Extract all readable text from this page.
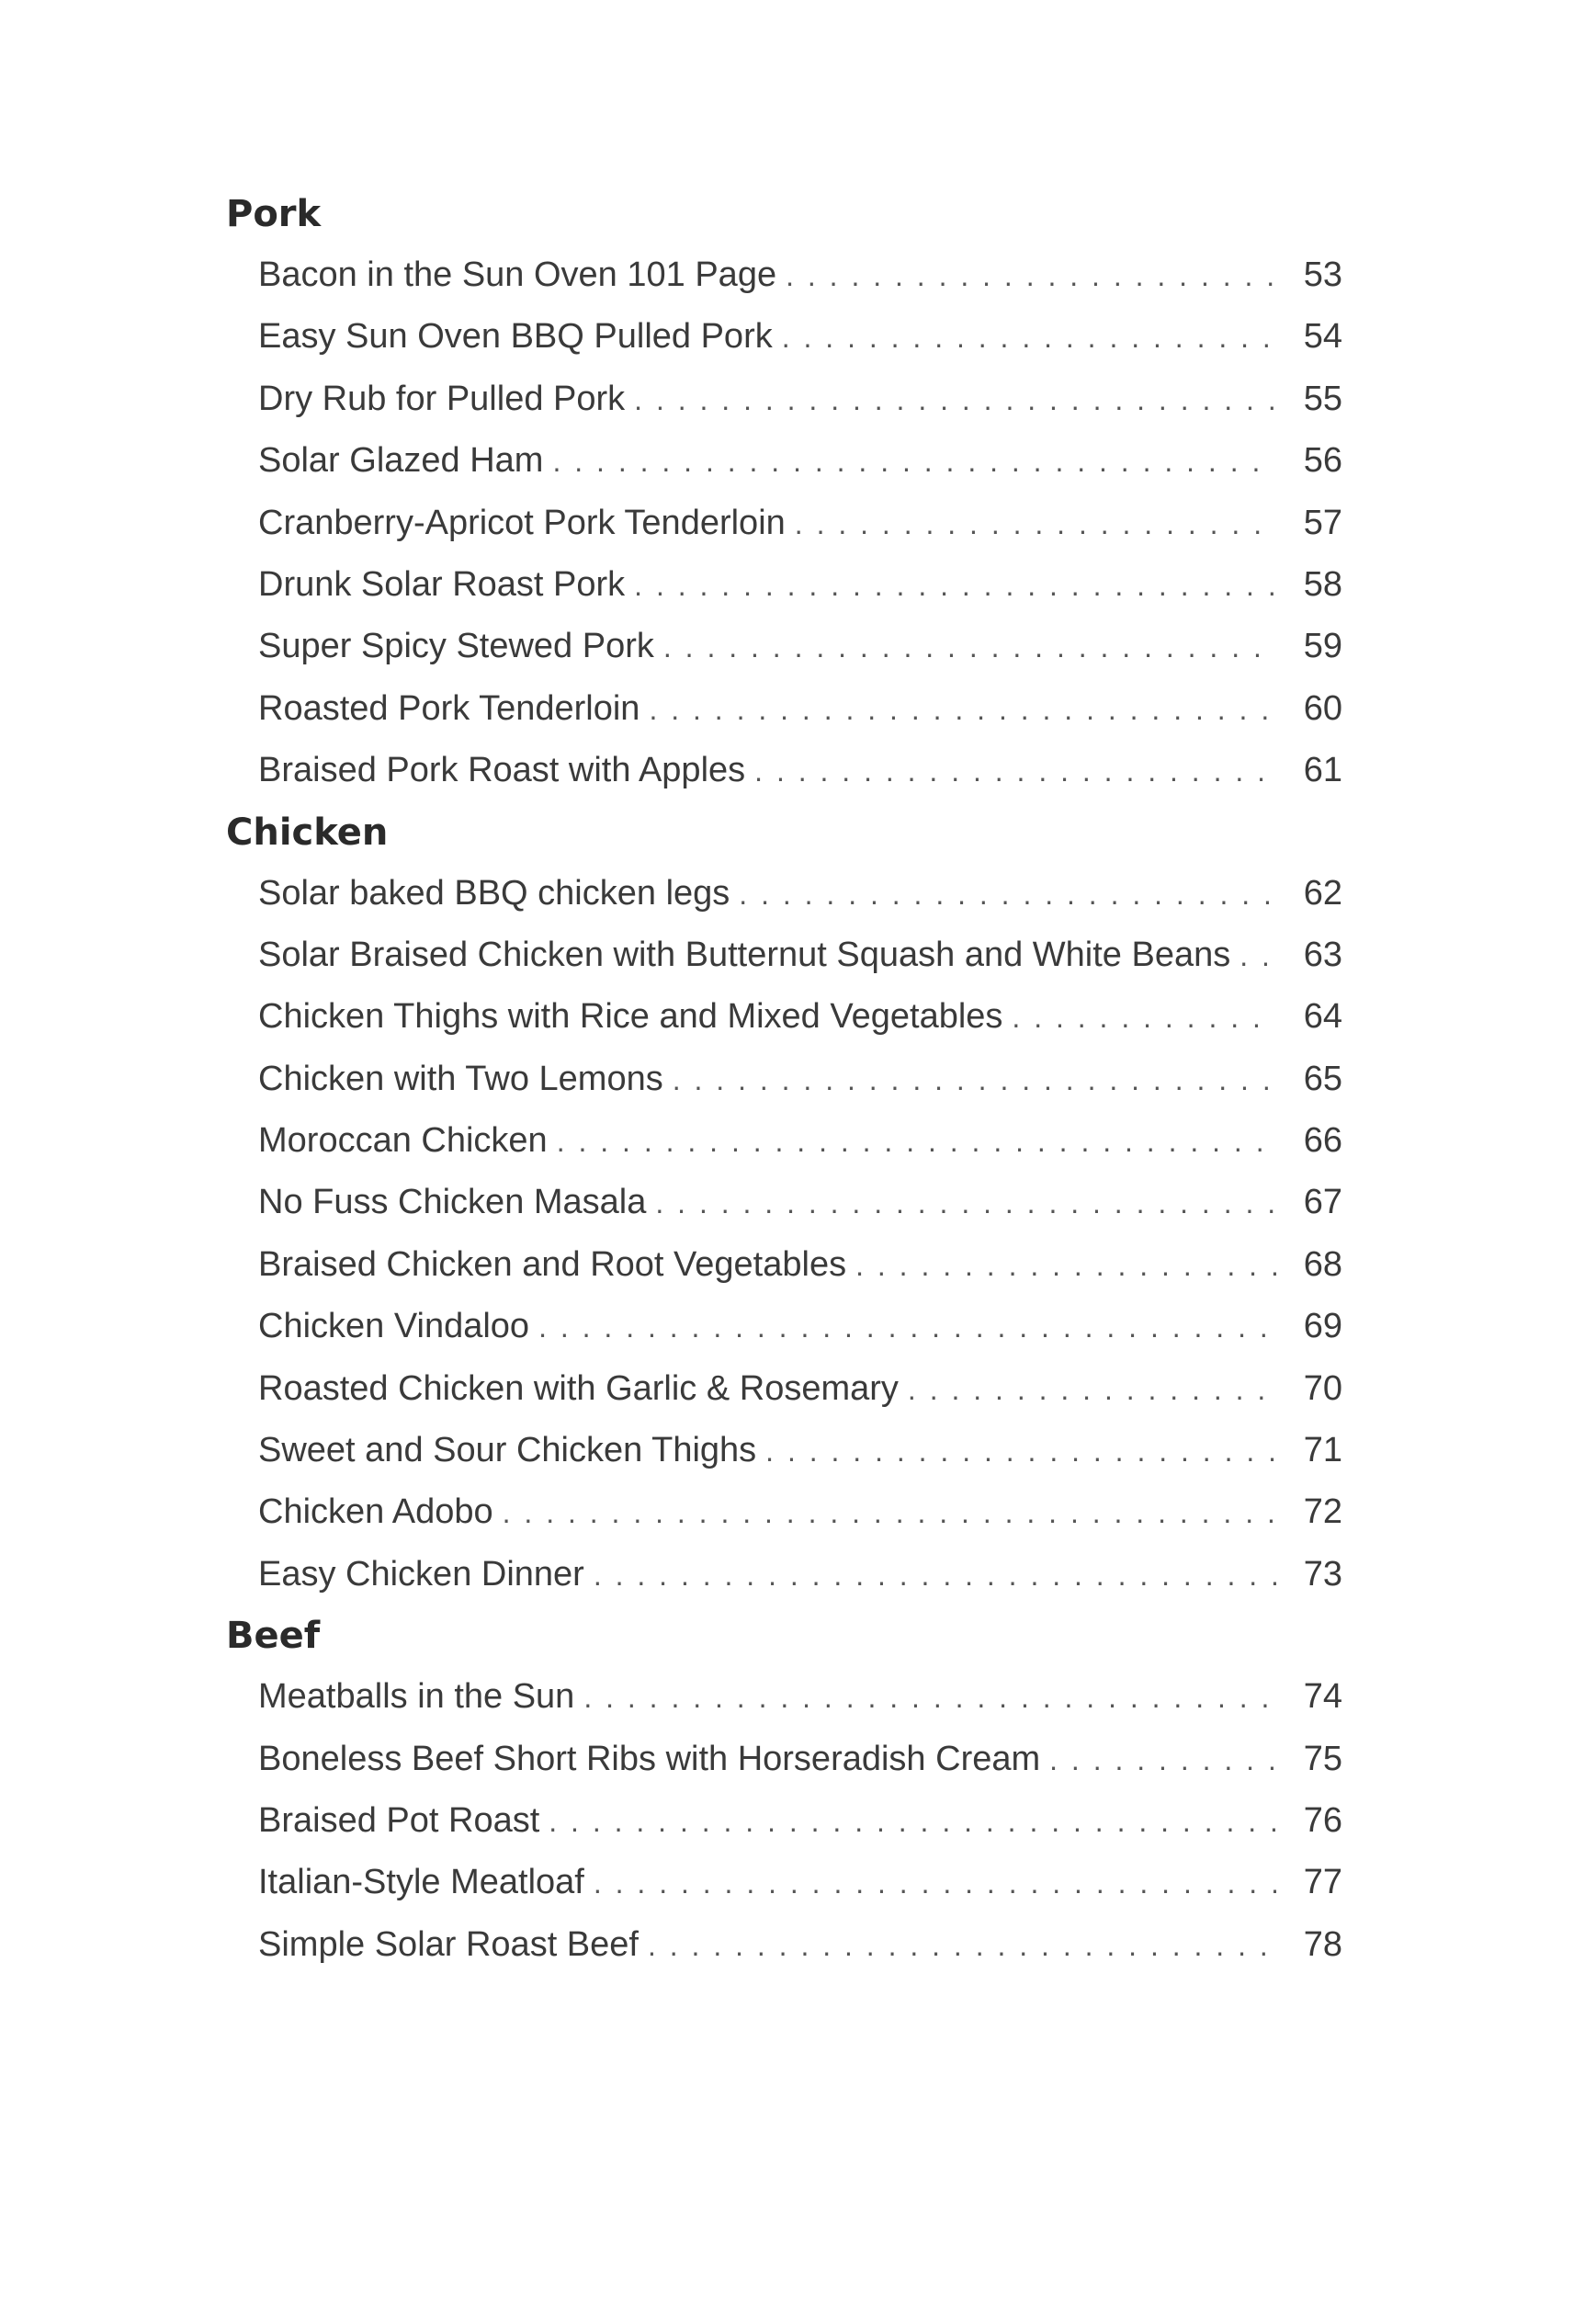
Pork
Bacon in the Sun Oven 101 Page . . .	53
Easy Sun Oven BBQ Pulled Pork . . .	54
Dry Rub for Pulled Pork . . .	55
Solar Glazed Ham . . .	56
Cranberry-Apricot Pork Tenderloin . . .	57
Drunk Solar Roast Pork . . .	58
Super Spicy Stewed Pork . . .	59
Roasted Pork Tenderloin . . .	60
Braised Pork Roast with Apples . . .	61
Chicken
Solar baked BBQ chicken legs . . .	62
Solar Braised Chicken with Butternut Squash and White Beans . . .	63
Chicken Thighs with Rice and Mixed Vegetables . . .	64
Chicken with Two Lemons . . .	65
Moroccan Chicken . . .	66
No Fuss Chicken Masala . . .	67
Braised Chicken and Root Vegetables . . .	68
Chicken Vindaloo . . .	69
Roasted Chicken with Garlic & Rosemary . . .	70
Sweet and Sour Chicken Thighs . . .	71
Chicken Adobo . . .	72
Easy Chicken Dinner . . .	73
Beef
Meatballs in the Sun . . .	74
Boneless Beef Short Ribs with Horseradish Cream . . .	75
Braised Pot Roast . . .	76
Italian-Style Meatloaf . . .	77
Simple Solar Roast Beef . . .	78
